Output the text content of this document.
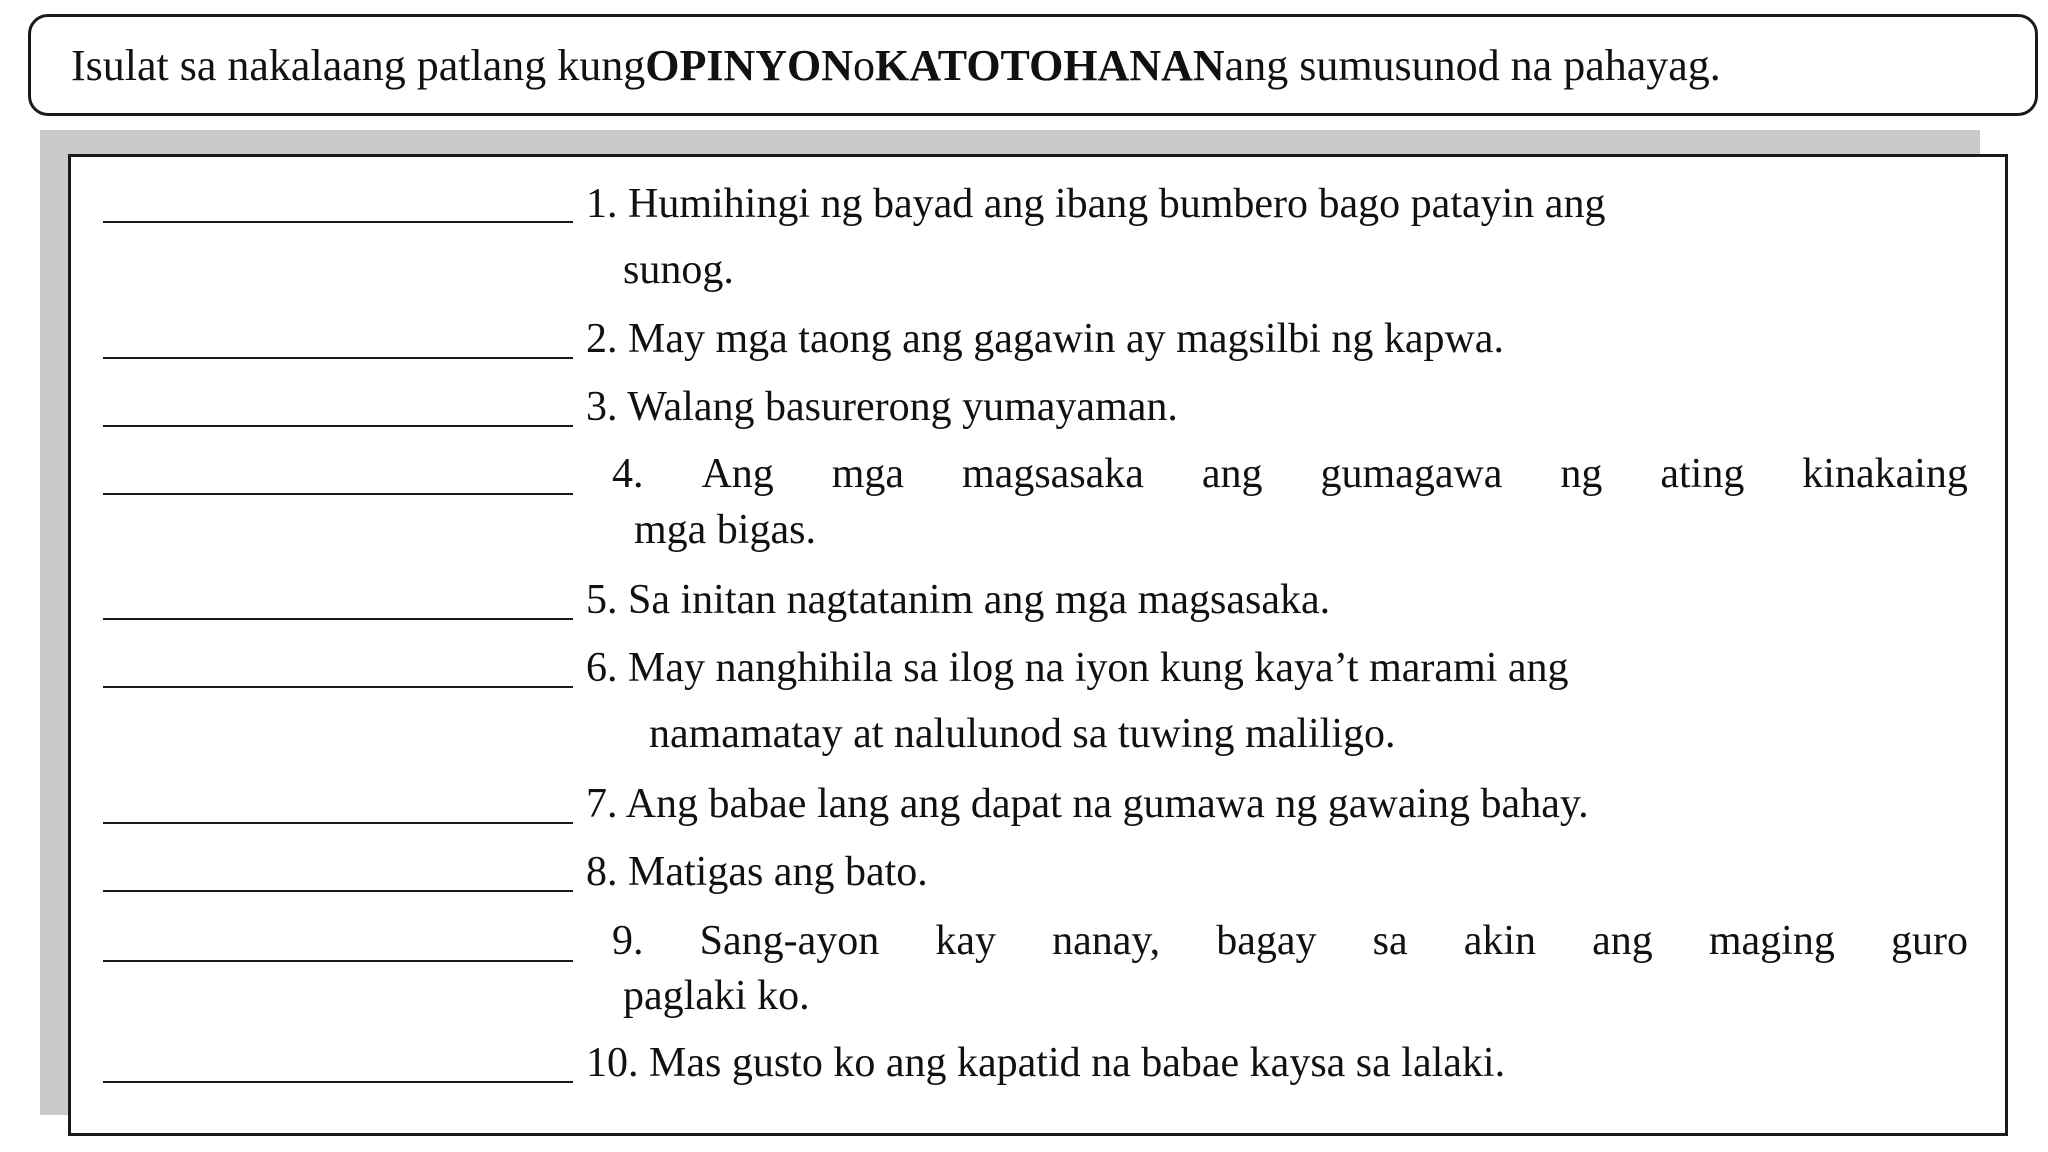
Isulat sa nakalaang patlang kung OPINYON o KATOTOHANAN ang sumusunod na pahayag.
1. Humihingi ng bayad ang ibang bumbero bago patayin ang
sunog.
2. May mga taong ang gagawin ay magsilbi ng kapwa.
3. Walang basurerong yumayaman.
4. Ang mga magsasaka ang gumagawa ng ating kinakaing
mga bigas.
5. Sa initan nagtatanim ang mga magsasaka.
6. May nanghihila sa ilog na iyon kung kaya’t marami ang
namamatay at nalulunod sa tuwing maliligo.
7. Ang babae lang ang dapat na gumawa ng gawaing bahay.
8. Matigas ang bato.
9. Sang-ayon kay nanay, bagay sa akin ang maging guro
paglaki ko.
10. Mas gusto ko ang kapatid na babae kaysa sa lalaki.
